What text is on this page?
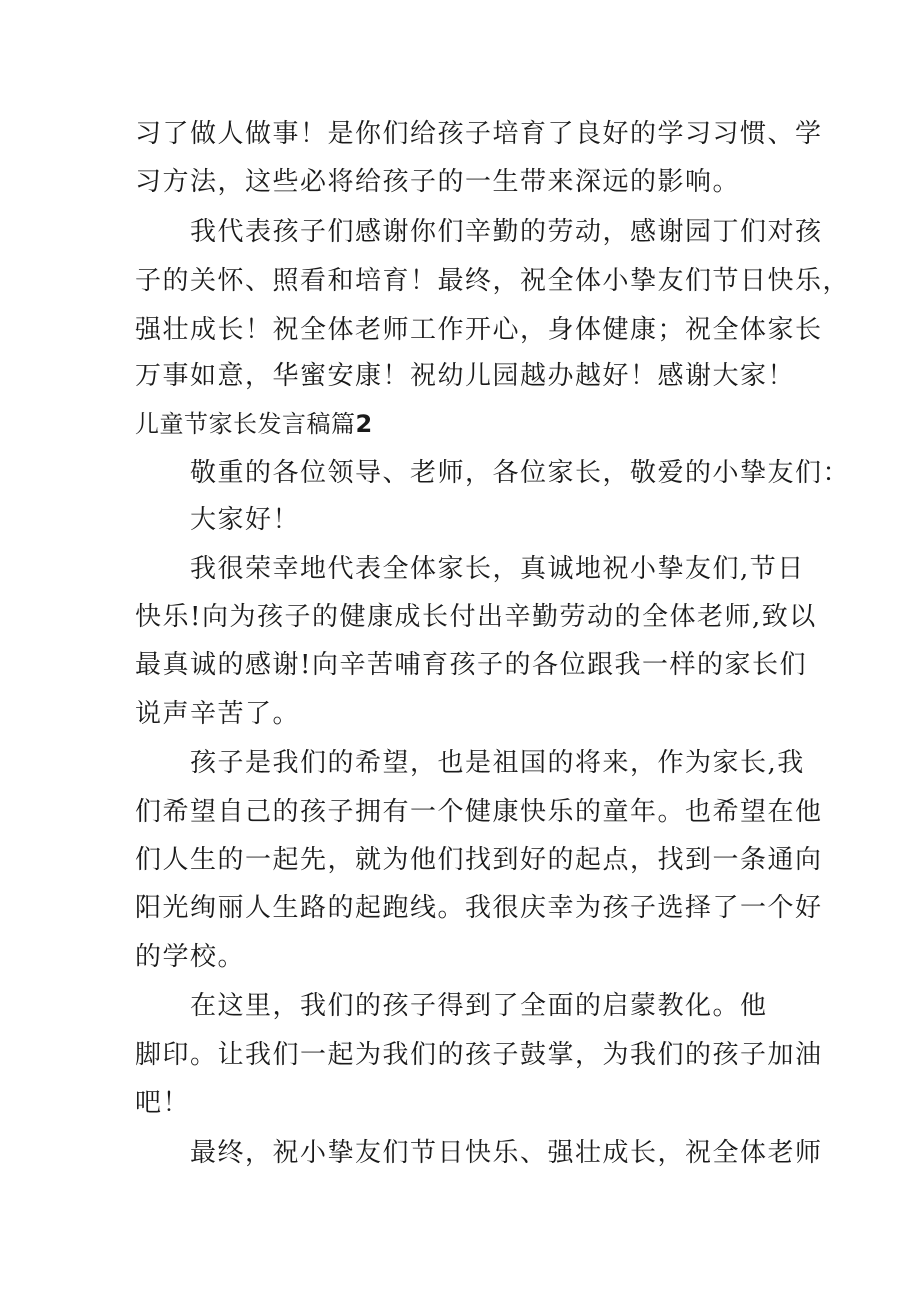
习了做人做事！是你们给孩子培育了良好的学习习惯、学
习方法，这些必将给孩子的一生带来深远的影响。
我代表孩子们感谢你们辛勤的劳动，感谢园丁们对孩
子的关怀、照看和培育！最终，祝全体小挚友们节日快乐，
强壮成长！祝全体老师工作开心，身体健康；祝全体家长
万事如意，华蜜安康！祝幼儿园越办越好！感谢大家！
儿童节家长发言稿篇2
敬重的各位领导、老师，各位家长，敬爱的小挚友们：
大家好！
我很荣幸地代表全体家长，真诚地祝小挚友们,节日
快乐!向为孩子的健康成长付出辛勤劳动的全体老师,致以
最真诚的感谢!向辛苦哺育孩子的各位跟我一样的家长们
说声辛苦了。
孩子是我们的希望，也是祖国的将来，作为家长,我
们希望自己的孩子拥有一个健康快乐的童年。也希望在他
们人生的一起先，就为他们找到好的起点，找到一条通向
阳光绚丽人生路的起跑线。我很庆幸为孩子选择了一个好
的学校。
在这里，我们的孩子得到了全面的启蒙教化。他
脚印。让我们一起为我们的孩子鼓掌，为我们的孩子加油
吧！
最终，祝小挚友们节日快乐、强壮成长，祝全体老师
